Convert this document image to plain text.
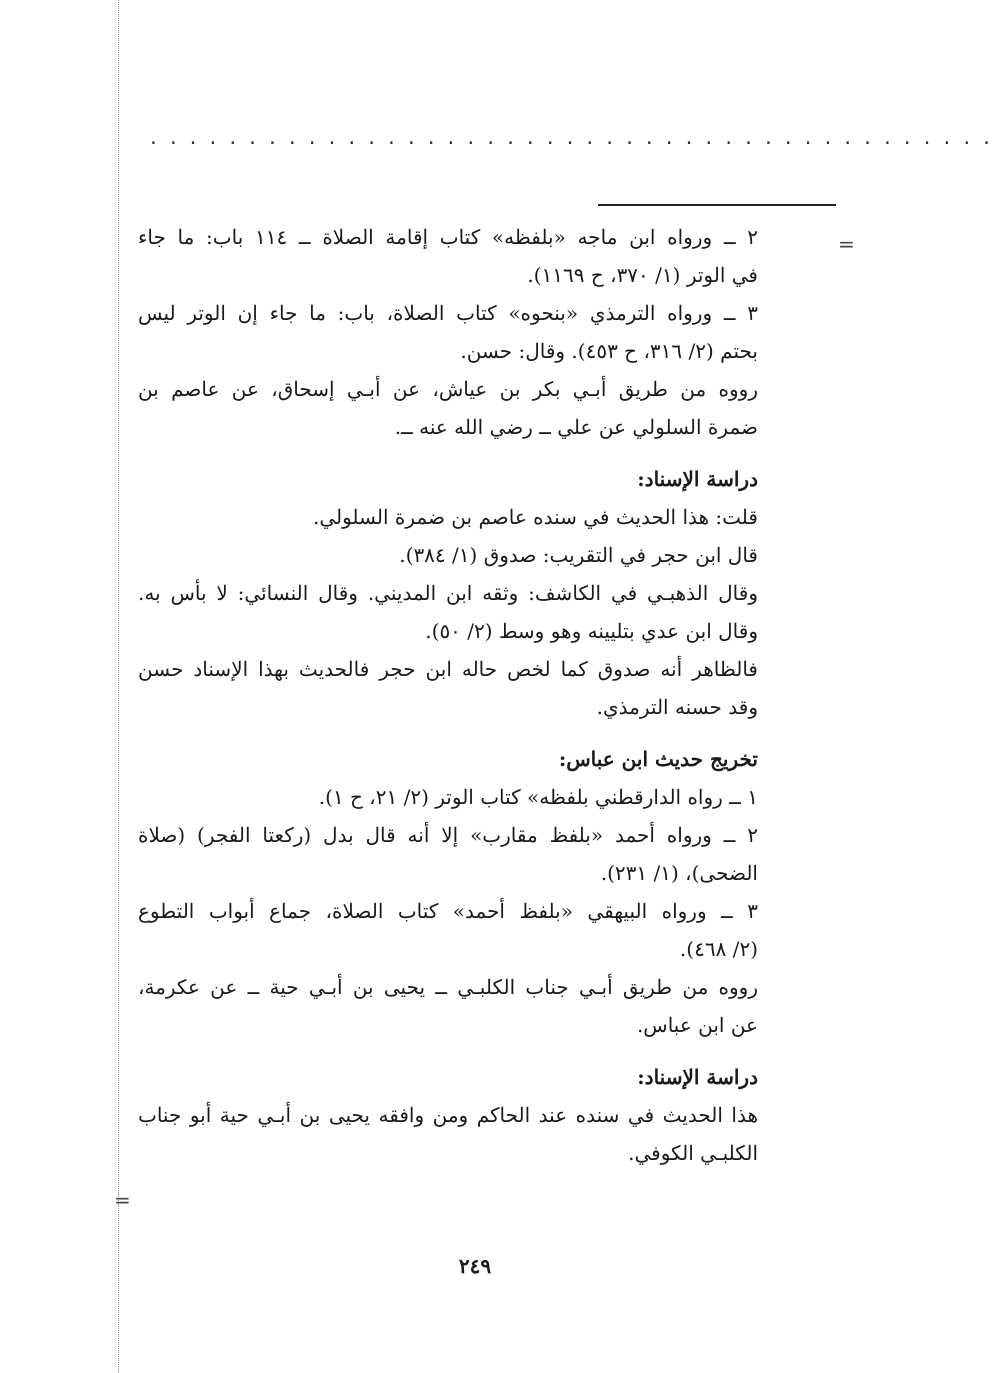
...........................................
=
=
٢ ــ ورواه ابن ماجه «بلفظه» كتاب إقامة الصلاة ــ ١١٤ باب: ما جاء
في الوتر (١/ ٣٧٠، ح ١١٦٩).
٣ ــ ورواه الترمذي «بنحوه» كتاب الصلاة، باب: ما جاء إن الوتر ليس
بحتم (٢/ ٣١٦، ح ٤٥٣). وقال: حسن.
رووه من طريق أبـي بكر بن عياش، عن أبـي إسحاق، عن عاصم بن
ضمرة السلولي عن علي ــ رضي الله عنه ــ.
دراسة الإسناد:
قلت: هذا الحديث في سنده عاصم بن ضمرة السلولي.
قال ابن حجر في التقريب: صدوق (١/ ٣٨٤).
وقال الذهبـي في الكاشف: وثقه ابن المديني. وقال النسائي: لا بأس به.
وقال ابن عدي بتليينه وهو وسط (٢/ ٥٠).
فالظاهر أنه صدوق كما لخص حاله ابن حجر فالحديث بهذا الإسناد حسن
وقد حسنه الترمذي.
تخريج حديث ابن عباس:
١ ــ رواه الدارقطني بلفظه» كتاب الوتر (٢/ ٢١، ح ١).
٢ ــ ورواه أحمد «بلفظ مقارب» إلا أنه قال بدل (ركعتا الفجر) (صلاة
الضحى)، (١/ ٢٣١).
٣ ــ ورواه البيهقي «بلفظ أحمد» كتاب الصلاة، جماع أبواب التطوع
(٢/ ٤٦٨).
رووه من طريق أبـي جناب الكلبـي ــ يحيى بن أبـي حية ــ عن عكرمة،
عن ابن عباس.
دراسة الإسناد:
هذا الحديث في سنده عند الحاكم ومن وافقه يحيى بن أبـي حية أبو جناب
الكلبـي الكوفي.
٢٤٩
